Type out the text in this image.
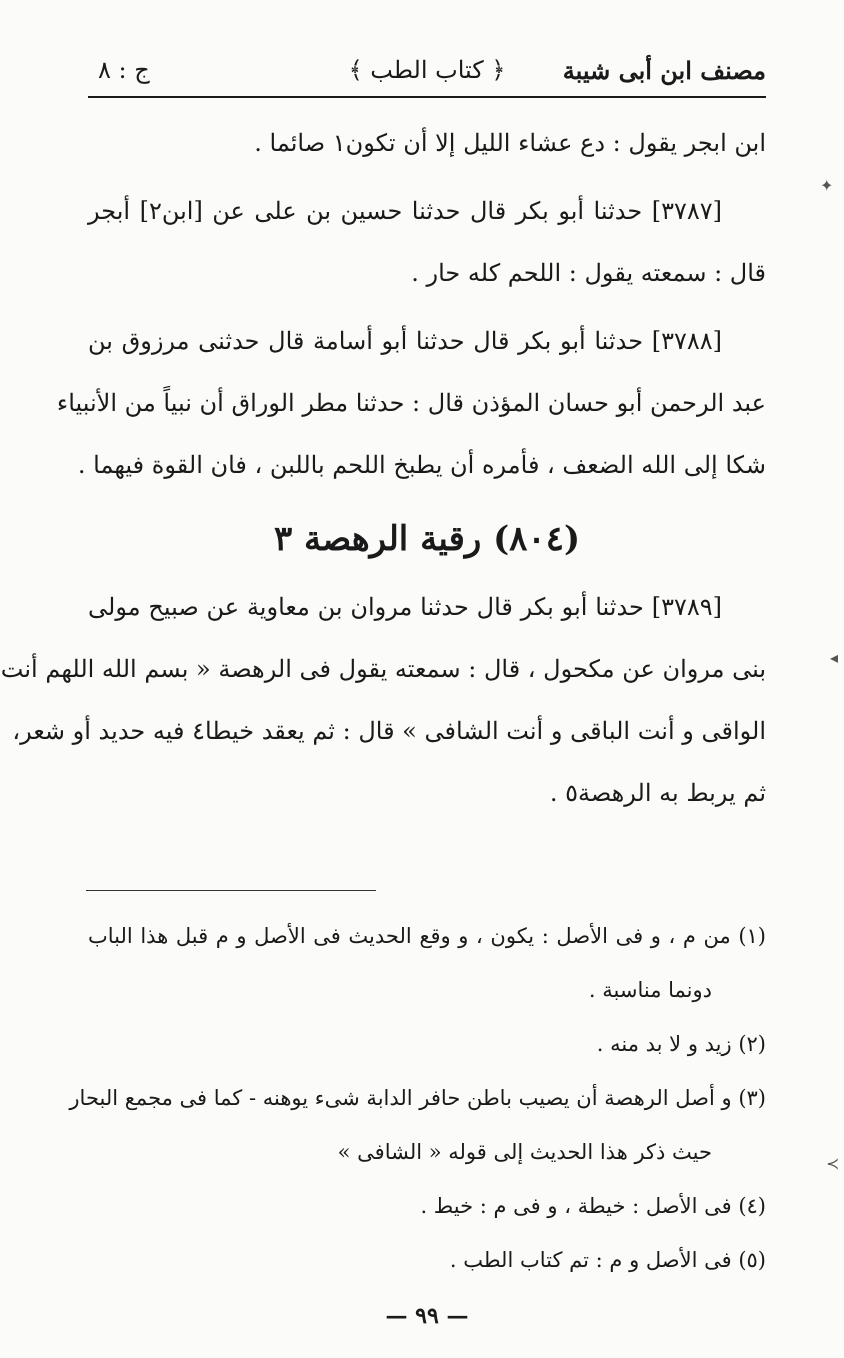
مصنف ابن أبى شيبة
﴿ كتاب الطب ﴾
ج : ٨
ابن ابجر يقول : دع عشاء الليل إلا أن تكون١ صائما .
[٣٧٨٧] حدثنا أبو بكر قال حدثنا حسين بن على عن [ابن٢] أبجر
قال : سمعته يقول : اللحم كله حار .
[٣٧٨٨] حدثنا أبو بكر قال حدثنا أبو أسامة قال حدثنى مرزوق بن
عبد الرحمن أبو حسان المؤذن قال : حدثنا مطر الوراق أن نبياً من الأنبياء
شكا إلى الله الضعف ، فأمره أن يطبخ اللحم باللبن ، فان القوة فيهما .
(٨٠٤) رقية الرهصة ٣
[٣٧٨٩] حدثنا أبو بكر قال حدثنا مروان بن معاوية عن صبيح مولى
بنى مروان عن مكحول ، قال : سمعته يقول فى الرهصة « بسم الله اللهم أنت
الواقى و أنت الباقى و أنت الشافى » قال : ثم يعقد خيطا٤ فيه حديد أو شعر،
ثم يربط به الرهصة٥ .
(١) من م ، و فى الأصل : يكون ، و وقع الحديث فى الأصل و م قبل هذا الباب
دونما مناسبة .
(٢) زيد و لا بد منه .
(٣) و أصل الرهصة أن يصيب باطن حافر الدابة شىء يوهنه - كما فى مجمع البحار
حيث ذكر هذا الحديث إلى قوله « الشافى »
(٤) فى الأصل : خيطة ، و فى م : خيط .
(٥) فى الأصل و م : تم كتاب الطب .
— ٩٩ —
✦
◂
≺
